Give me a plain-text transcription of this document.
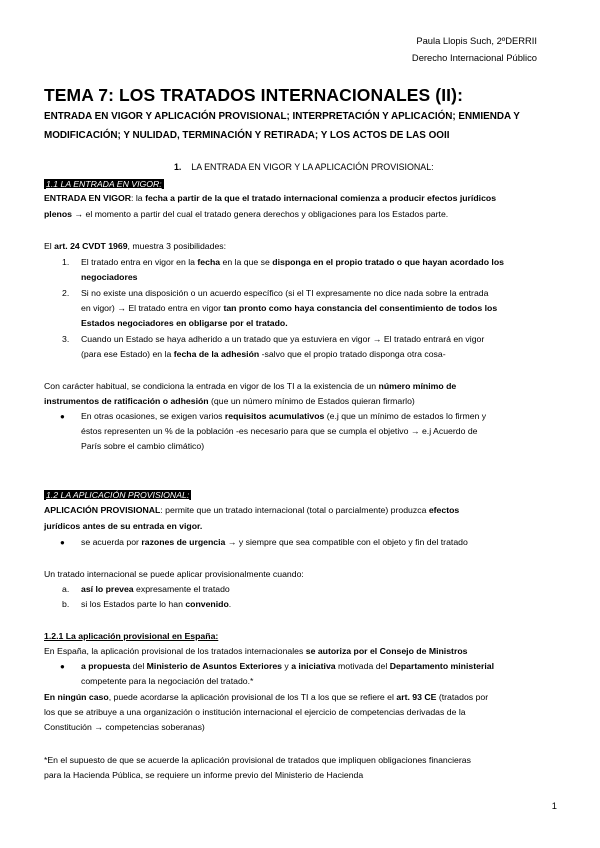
Paula Llopis Such, 2ºDERRII
Derecho Internacional Público
TEMA 7: LOS TRATADOS INTERNACIONALES (II):
ENTRADA EN VIGOR Y APLICACIÓN PROVISIONAL; INTERPRETACIÓN Y APLICACIÓN; ENMIENDA Y
MODIFICACIÓN; Y NULIDAD, TERMINACIÓN Y RETIRADA; Y LOS ACTOS DE LAS OOII
1. LA ENTRADA EN VIGOR Y LA APLICACIÓN PROVISIONAL:
1.1 LA ENTRADA EN VIGOR:
ENTRADA EN VIGOR: la fecha a partir de la que el tratado internacional comienza a producir efectos jurídicos
plenos → el momento a partir del cual el tratado genera derechos y obligaciones para los Estados parte.
El art. 24 CVDT 1969, muestra 3 posibilidades:
1. El tratado entra en vigor en la fecha en la que se disponga en el propio tratado o que hayan acordado los
negociadores
2. Si no existe una disposición o un acuerdo específico (si el TI expresamente no dice nada sobre la entrada
en vigor) → El tratado entra en vigor tan pronto como haya constancia del consentimiento de todos los
Estados negociadores en obligarse por el tratado.
3. Cuando un Estado se haya adherido a un tratado que ya estuviera en vigor → El tratado entrará en vigor
(para ese Estado) en la fecha de la adhesión -salvo que el propio tratado disponga otra cosa-
Con carácter habitual, se condiciona la entrada en vigor de los TI a la existencia de un número mínimo de
instrumentos de ratificación o adhesión (que un número mínimo de Estados quieran firmarlo)
● En otras ocasiones, se exigen varios requisitos acumulativos (e.j que un mínimo de estados lo firmen y
éstos representen un % de la población -es necesario para que se cumpla el objetivo → e.j Acuerdo de
París sobre el cambio climático)
1.2 LA APLICACIÓN PROVISIONAL:
APLICACIÓN PROVISIONAL: permite que un tratado internacional (total o parcialmente) produzca efectos
jurídicos antes de su entrada en vigor.
● se acuerda por razones de urgencia → y siempre que sea compatible con el objeto y fin del tratado
Un tratado internacional se puede aplicar provisionalmente cuando:
a. así lo prevea expresamente el tratado
b. si los Estados parte lo han convenido.
1.2.1 La aplicación provisional en España:
En España, la aplicación provisional de los tratados internacionales se autoriza por el Consejo de Ministros
● a propuesta del Ministerio de Asuntos Exteriores y a iniciativa motivada del Departamento ministerial
competente para la negociación del tratado.*
En ningún caso, puede acordarse la aplicación provisional de los TI a los que se refiere el art. 93 CE (tratados por
los que se atribuye a una organización o institución internacional el ejercicio de competencias derivadas de la
Constitución → competencias soberanas)
*En el supuesto de que se acuerde la aplicación provisional de tratados que impliquen obligaciones financieras
para la Hacienda Pública, se requiere un informe previo del Ministerio de Hacienda
1
